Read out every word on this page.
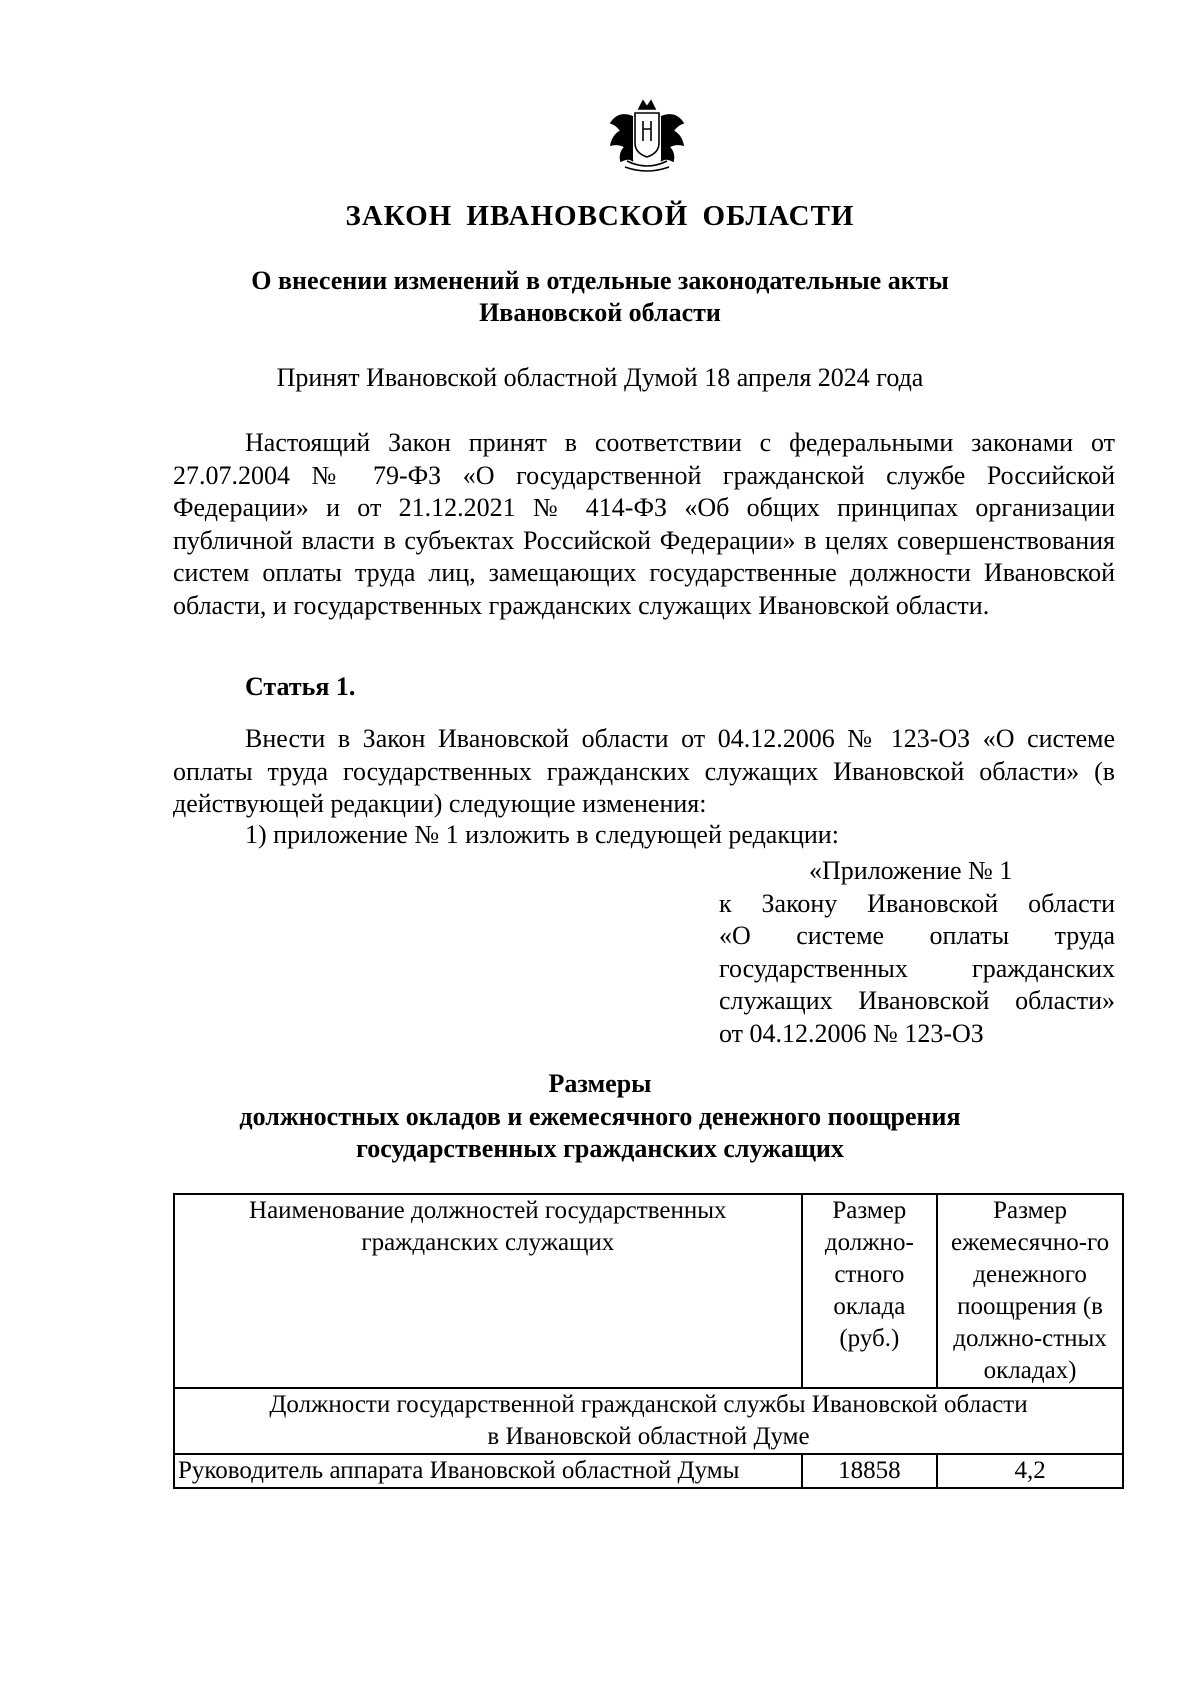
ЗАКОН ИВАНОВСКОЙ ОБЛАСТИ
О внесении изменений в отдельные законодательные акты
Ивановской области
Принят Ивановской областной Думой 18 апреля 2024 года
Настоящий Закон принят в соответствии с федеральными законами от 27.07.2004 № 79-ФЗ «О государственной гражданской службе Российской Федерации» и от 21.12.2021 № 414-ФЗ «Об общих принципах организации публичной власти в субъектах Российской Федерации» в целях совершенствования систем оплаты труда лиц, замещающих государственные должности Ивановской области, и государственных гражданских служащих Ивановской области.
Статья 1.
Внести в Закон Ивановской области от 04.12.2006 № 123-ОЗ «О системе оплаты труда государственных гражданских служащих Ивановской области» (в действующей редакции) следующие изменения:
1) приложение № 1 изложить в следующей редакции:
«Приложение № 1
к Закону Ивановской области
«О системе оплаты труда
государственных гражданских
служащих Ивановской области»
от 04.12.2006 № 123-ОЗ
Размеры
должностных окладов и ежемесячного денежного поощрения
государственных гражданских служащих
Наименование должностей государственных гражданских служащих	Размер должно-стного оклада (руб.)	Размер ежемесячно-го денежного поощрения (в должно-стных окладах)

Должности государственной гражданской службы Ивановской области
в Ивановской областной Думе		

Руководитель аппарата Ивановской областной Думы	18858	4,2
